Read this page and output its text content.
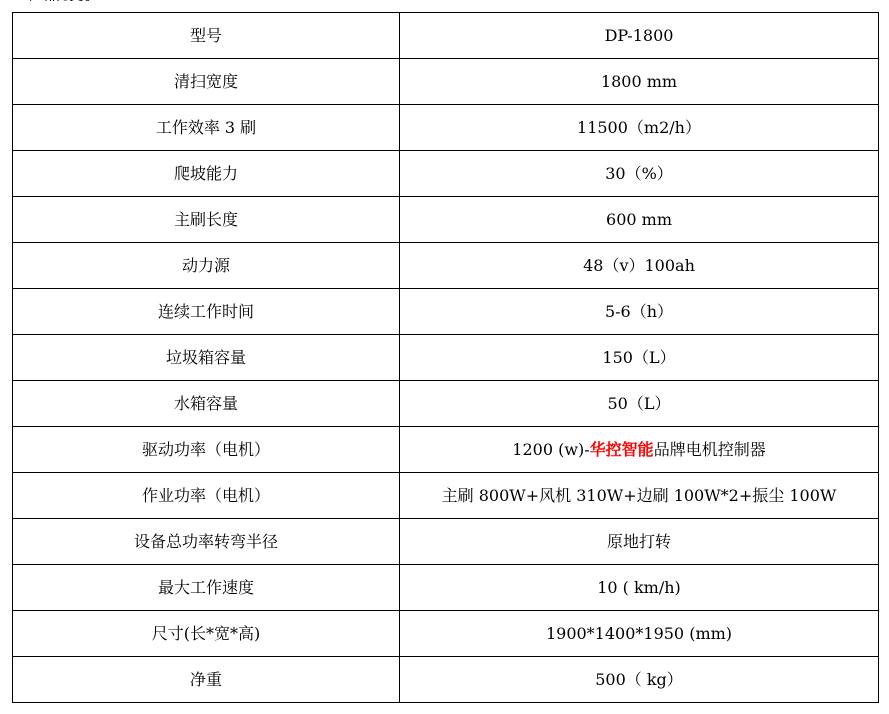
型号	DP-1800
清扫宽度	1800 mm
工作效率 3 刷	11500（m2/h）
爬坡能力	30（%）
主刷长度	600 mm
动力源	48（v）100ah
连续工作时间	5-6（h）
垃圾箱容量	150（L）
水箱容量	50（L）
驱动功率（电机）	1200 (w)-华控智能品牌电机控制器
作业功率（电机）	主刷 800W+风机 310W+边刷 100W*2+振尘 100W
设备总功率转弯半径	原地打转
最大工作速度	10 ( km/h)
尺寸(长*宽*高)	1900*1400*1950 (mm)
净重	500（ kg）
